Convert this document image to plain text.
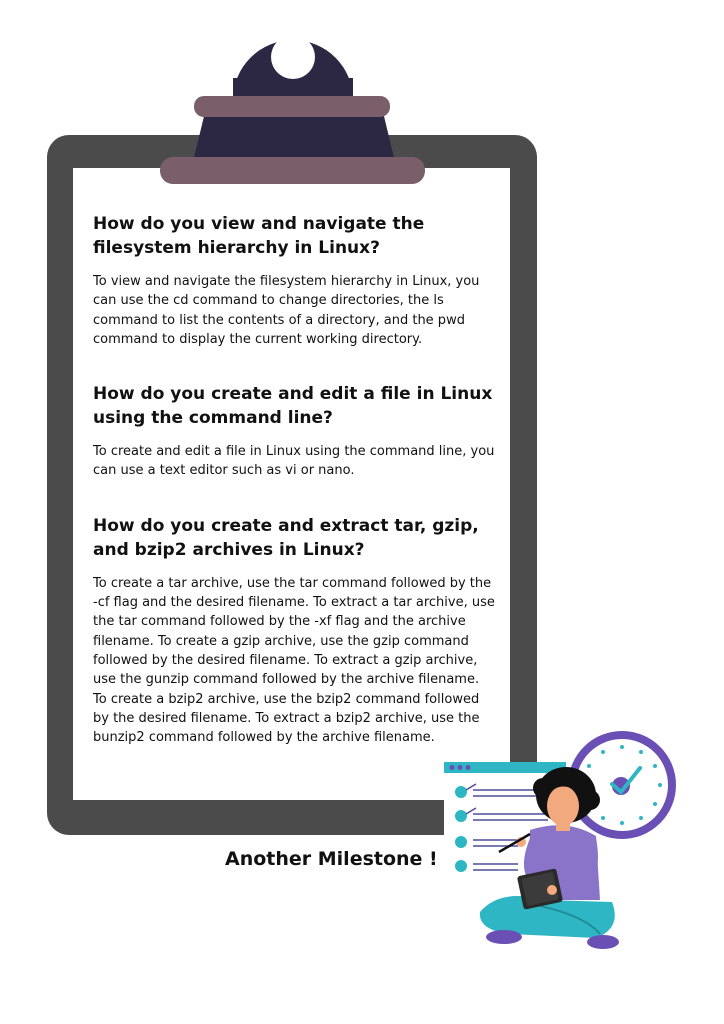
How do you view and navigate the filesystem hierarchy in Linux?

To view and navigate the filesystem hierarchy in Linux, you can use the cd command to change directories, the ls command to list the contents of a directory, and the pwd command to display the current working directory.

How do you create and edit a file in Linux using the command line?

To create and edit a file in Linux using the command line, you can use a text editor such as vi or nano.

How do you create and extract tar, gzip, and bzip2 archives in Linux?

To create a tar archive, use the tar command followed by the -cf flag and the desired filename. To extract a tar archive, use the tar command followed by the -xf flag and the archive filename. To create a gzip archive, use the gzip command followed by the desired filename. To extract a gzip archive, use the gunzip command followed by the archive filename. To create a bzip2 archive, use the bzip2 command followed by the desired filename. To extract a bzip2 archive, use the bunzip2 command followed by the archive filename.

Another Milestone !
